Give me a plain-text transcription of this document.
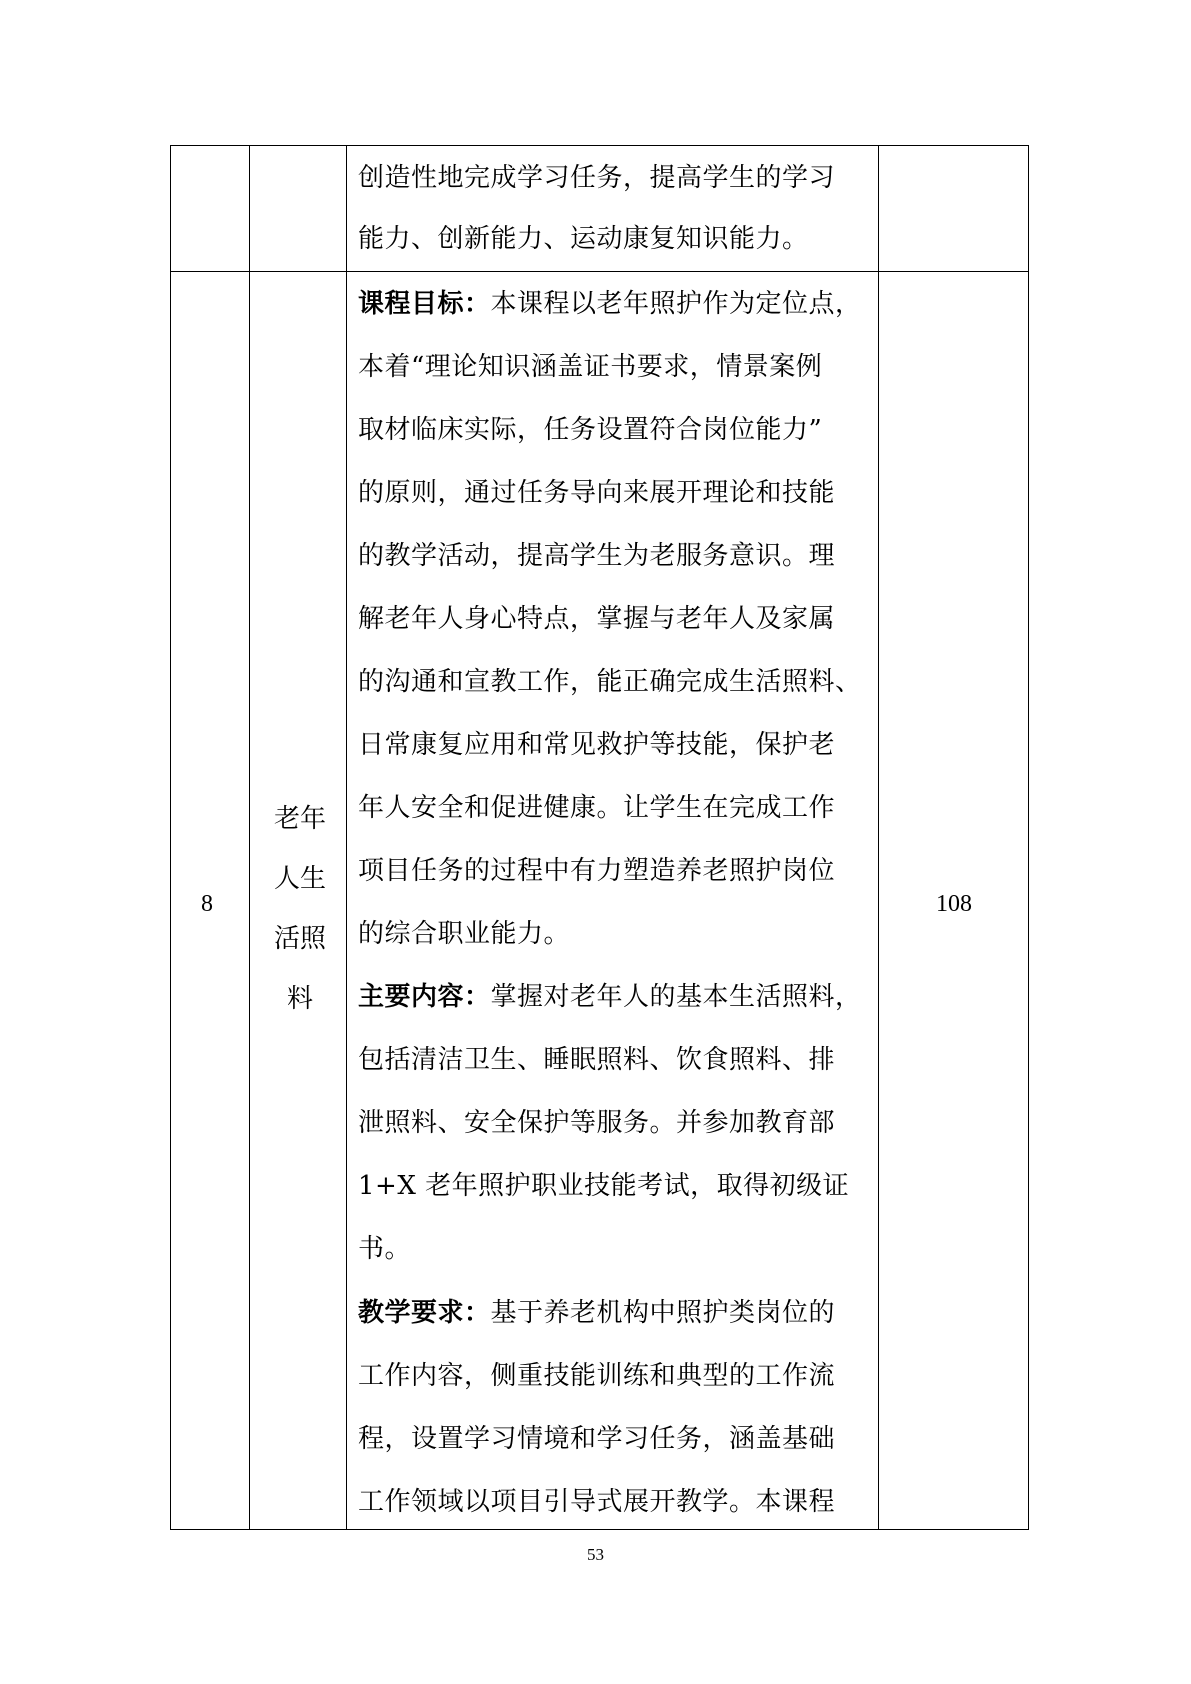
创造性地完成学习任务，提高学生的学习
能力、创新能力、运动康复知识能力。
8
老年
人生
活照
料
108
课程目标：本课程以老年照护作为定位点，
本着“理论知识涵盖证书要求，情景案例
取材临床实际，任务设置符合岗位能力”
的原则，通过任务导向来展开理论和技能
的教学活动，提高学生为老服务意识。理
解老年人身心特点，掌握与老年人及家属
的沟通和宣教工作，能正确完成生活照料、
日常康复应用和常见救护等技能，保护老
年人安全和促进健康。让学生在完成工作
项目任务的过程中有力塑造养老照护岗位
的综合职业能力。
主要内容：掌握对老年人的基本生活照料，
包括清洁卫生、睡眠照料、饮食照料、排
泄照料、安全保护等服务。并参加教育部
1+X 老年照护职业技能考试，取得初级证
书。
教学要求：基于养老机构中照护类岗位的
工作内容，侧重技能训练和典型的工作流
程，设置学习情境和学习任务，涵盖基础
工作领域以项目引导式展开教学。本课程
53
